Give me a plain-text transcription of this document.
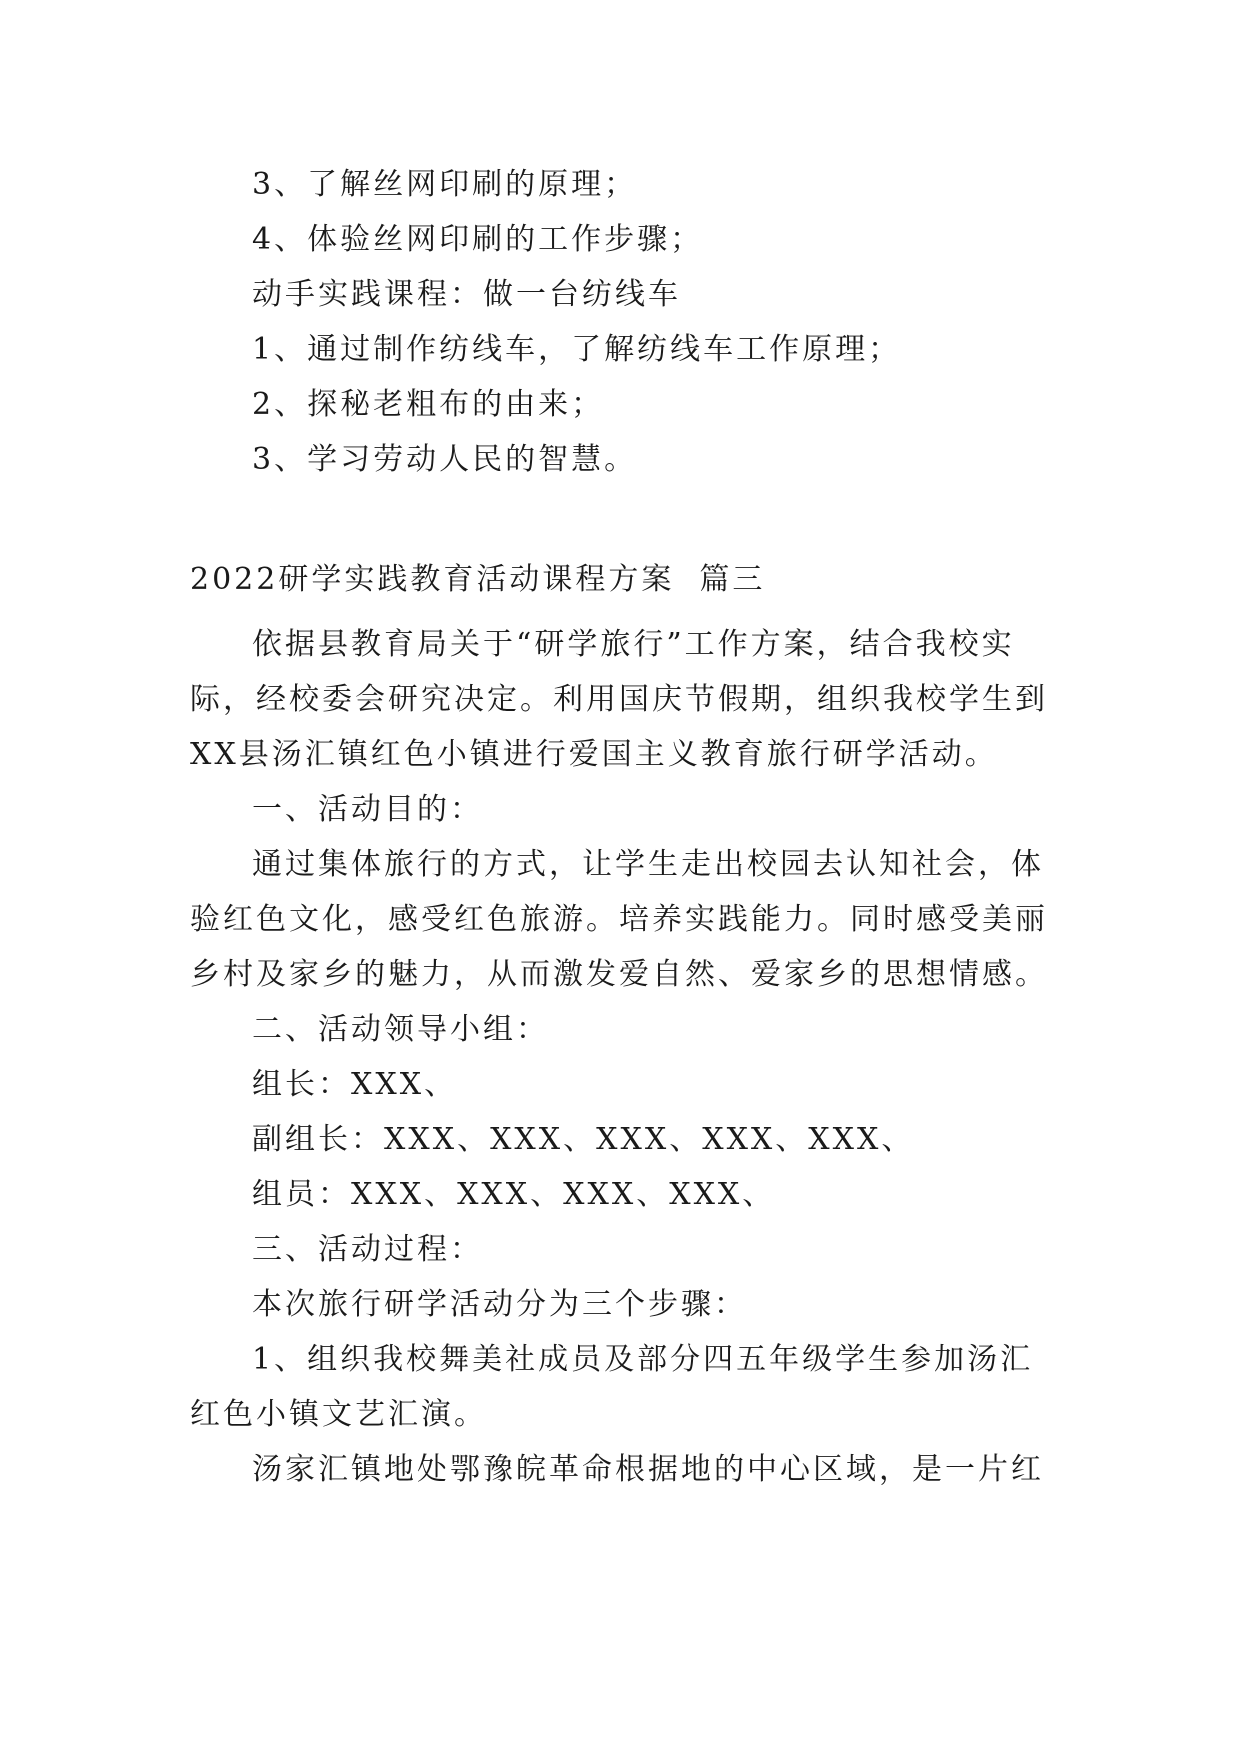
3、了解丝网印刷的原理；
4、体验丝网印刷的工作步骤；
动手实践课程：做一台纺线车
1、通过制作纺线车，了解纺线车工作原理；
2、探秘老粗布的由来；
3、学习劳动人民的智慧。
2022研学实践教育活动课程方案  篇三
依据县教育局关于“研学旅行”工作方案，结合我校实
际，经校委会研究决定。利用国庆节假期，组织我校学生到
XX县汤汇镇红色小镇进行爱国主义教育旅行研学活动。
一、活动目的：
通过集体旅行的方式，让学生走出校园去认知社会，体
验红色文化，感受红色旅游。培养实践能力。同时感受美丽
乡村及家乡的魅力，从而激发爱自然、爱家乡的思想情感。
二、活动领导小组：
组长：XXX、
副组长：XXX、XXX、XXX、XXX、XXX、
组员：XXX、XXX、XXX、XXX、
三、活动过程：
本次旅行研学活动分为三个步骤：
1、组织我校舞美社成员及部分四五年级学生参加汤汇
红色小镇文艺汇演。
汤家汇镇地处鄂豫皖革命根据地的中心区域，是一片红
